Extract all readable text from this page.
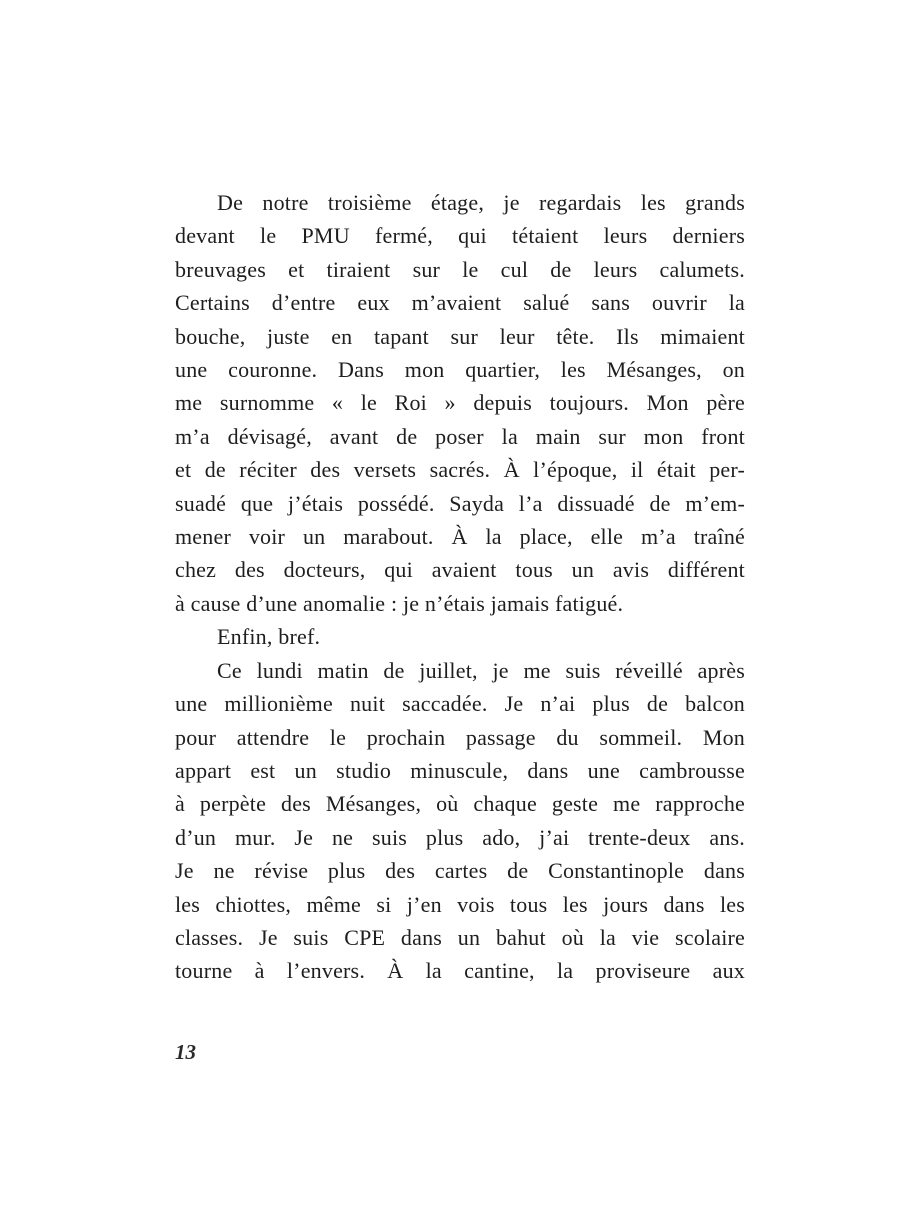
De notre troisième étage, je regardais les grands
devant le PMU fermé, qui tétaient leurs derniers
breuvages et tiraient sur le cul de leurs calumets.
Certains d’entre eux m’avaient salué sans ouvrir la
bouche, juste en tapant sur leur tête. Ils mimaient
une couronne. Dans mon quartier, les Mésanges, on
me surnomme « le Roi » depuis toujours. Mon père
m’a dévisagé, avant de poser la main sur mon front
et de réciter des versets sacrés. À l’époque, il était per-
suadé que j’étais possédé. Sayda l’a dissuadé de m’em-
mener voir un marabout. À la place, elle m’a traîné
chez des docteurs, qui avaient tous un avis différent
à cause d’une anomalie : je n’étais jamais fatigué.

Enfin, bref.

Ce lundi matin de juillet, je me suis réveillé après
une millionième nuit saccadée. Je n’ai plus de balcon
pour attendre le prochain passage du sommeil. Mon
appart est un studio minuscule, dans une cambrousse
à perpète des Mésanges, où chaque geste me rapproche
d’un mur. Je ne suis plus ado, j’ai trente-deux ans.
Je ne révise plus des cartes de Constantinople dans
les chiottes, même si j’en vois tous les jours dans les
classes. Je suis CPE dans un bahut où la vie scolaire
tourne à l’envers. À la cantine, la proviseure aux

13
